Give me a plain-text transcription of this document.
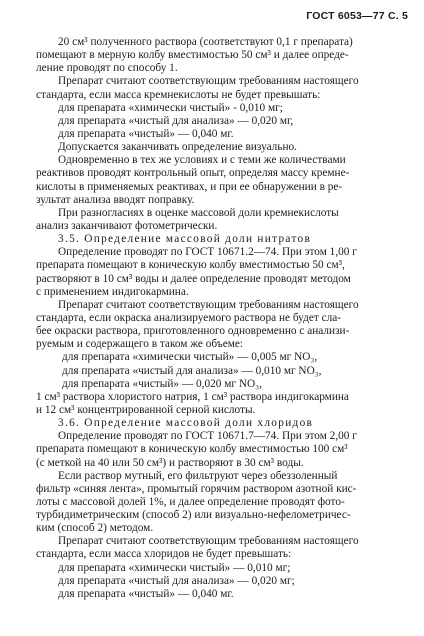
ГОСТ 6053—77 С. 5
20 см³ полученного раствора (соответствуют 0,1 г препарата)
помещают в мерную колбу вместимостью 50 см³ и далее опреде-
ление проводят по способу 1.
Препарат считают соответствующим требованиям настоящего
стандарта, если масса кремнекислоты не будет превышать:
для препарата «химически чистый» - 0,010 мг;
для препарата «чистый для анализа» — 0,020 мг,
для препарата «чистый» — 0,040 мг.
Допускается заканчивать определение визуально.
Одновременно в тех же условиях и с теми же количествами
реактивов проводят контрольный опыт, определяя массу кремне-
кислоты в применяемых реактивах, и при ее обнаружении в ре-
зультат анализа вводят поправку.
При разногласиях в оценке массовой доли кремнекислоты
анализ заканчивают фотометрически.
3.5. Определение массовой доли нитратов
Определение проводят по ГОСТ 10671.2—74. При этом 1,00 г
препарата помещают в коническую колбу вместимостью 50 см³,
растворяют в 10 см³ воды и далее определение проводят методом
с применением индигокармина.
Препарат считают соответствующим требованиям настоящего
стандарта, если окраска анализируемого раствора не будет сла-
бее окраски раствора, приготовленного одновременно с анализи-
руемым и содержащего в таком же объеме:
для препарата «химически чистый» — 0,005 мг NO₃,
для препарата «чистый для анализа» — 0,010 мг NO₃,
для препарата «чистый» — 0,020 мг NO₃,
1 см³ раствора хлористого натрия, 1 см³ раствора индигокармина
и 12 см³ концентрированной серной кислоты.
3.6. Определение массовой доли хлоридов
Определение проводят по ГОСТ 10671.7—74. При этом 2,00 г
препарата помещают в коническую колбу вместимостью 100 см³
(с меткой на 40 или 50 см³) и растворяют в 30 см³ воды.
Если раствор мутный, его фильтруют через обеззоленный
фильтр «синяя лента», промытый горячим раствором азотной кис-
лоты с массовой долей 1%, и далее определение проводят фото-
турбидиметрическим (способ 2) или визуально-нефелометричес-
ким (способ 2) методом.
Препарат считают соответствующим требованиям настоящего
стандарта, если масса хлоридов не будет превышать:
для препарата «химически чистый» — 0,010 мг;
для препарата «чистый для анализа» — 0,020 мг;
для препарата «чистый» — 0,040 мг.
